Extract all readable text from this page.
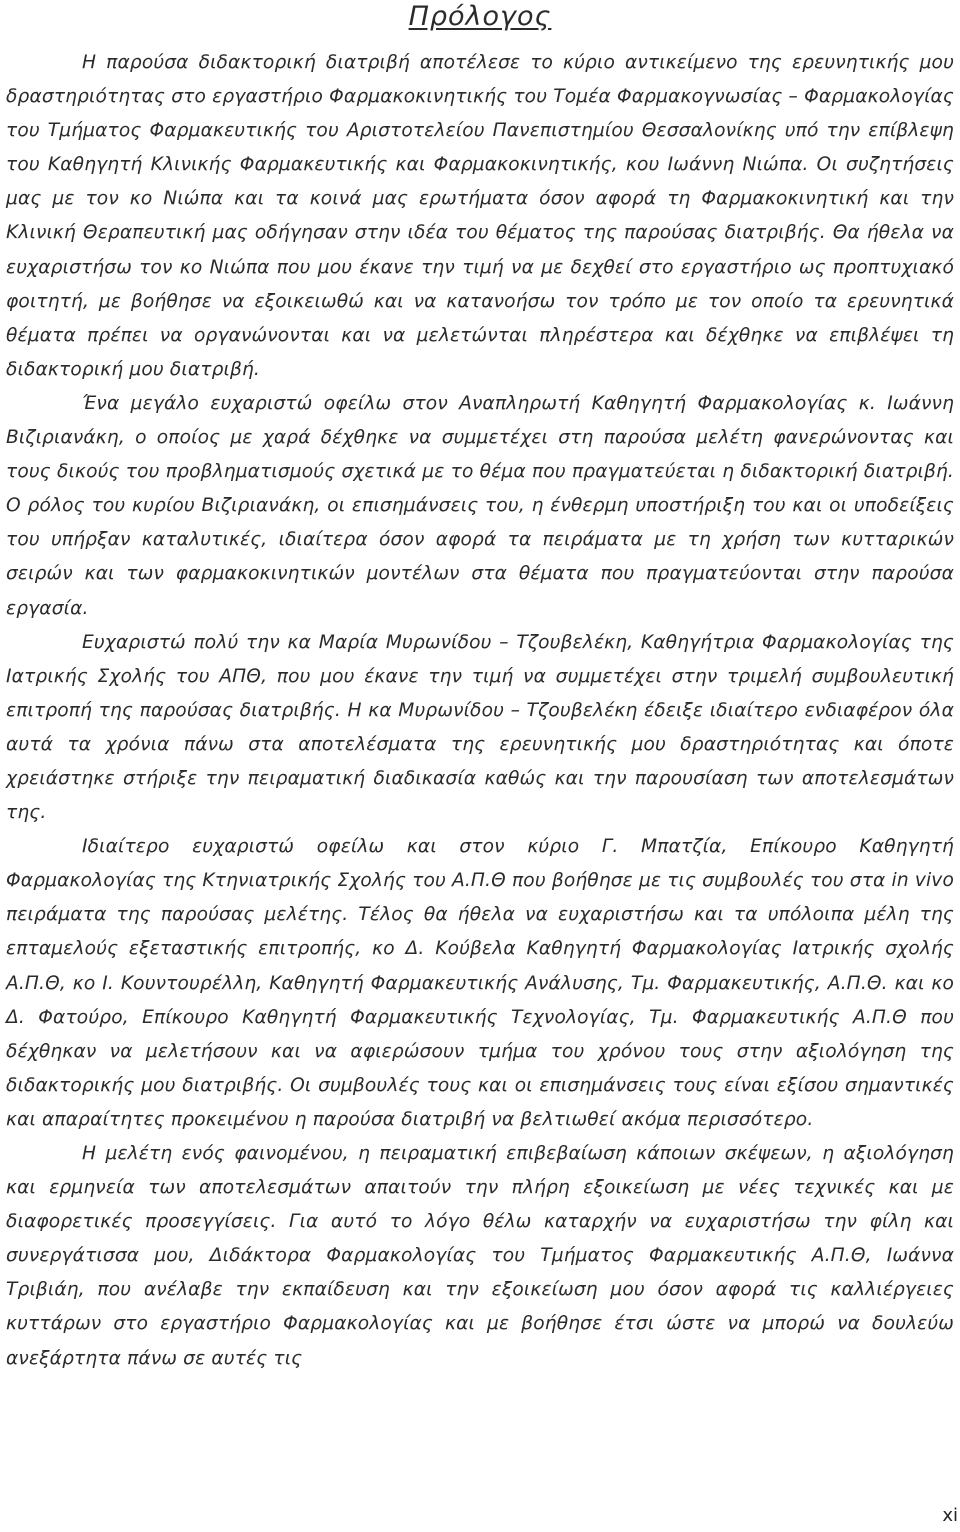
Πρόλογος

Η παρούσα διδακτορική διατριβή αποτέλεσε το κύριο αντικείμενο της ερευνητικής μου δραστηριότητας στο εργαστήριο Φαρμακοκινητικής του Τομέα Φαρμακογνωσίας – Φαρμακολογίας του Τμήματος Φαρμακευτικής του Αριστοτελείου Πανεπιστημίου Θεσσαλονίκης υπό την επίβλεψη του Καθηγητή Κλινικής Φαρμακευτικής και Φαρμακοκινητικής, κου Ιωάννη Νιώπα. Οι συζητήσεις μας με τον κο Νιώπα και τα κοινά μας ερωτήματα όσον αφορά τη Φαρμακοκινητική και την Κλινική Θεραπευτική μας οδήγησαν στην ιδέα του θέματος της παρούσας διατριβής. Θα ήθελα να ευχαριστήσω τον κο Νιώπα που μου έκανε την τιμή να με δεχθεί στο εργαστήριο ως προπτυχιακό φοιτητή, με βοήθησε να εξοικειωθώ και να κατανοήσω τον τρόπο με τον οποίο τα ερευνητικά θέματα πρέπει να οργανώνονται και να μελετώνται πληρέστερα και δέχθηκε να επιβλέψει τη διδακτορική μου διατριβή.

Ένα μεγάλο ευχαριστώ οφείλω στον Αναπληρωτή Καθηγητή Φαρμακολογίας κ. Ιωάννη Βιζιριανάκη, ο οποίος με χαρά δέχθηκε να συμμετέχει στη παρούσα μελέτη φανερώνοντας και τους δικούς του προβληματισμούς σχετικά με το θέμα που πραγματεύεται η διδακτορική διατριβή. Ο ρόλος του κυρίου Βιζιριανάκη, οι επισημάνσεις του, η ένθερμη υποστήριξη του και οι υποδείξεις του υπήρξαν καταλυτικές, ιδιαίτερα όσον αφορά τα πειράματα με τη χρήση των κυτταρικών σειρών και των φαρμακοκινητικών μοντέλων στα θέματα που πραγματεύονται στην παρούσα εργασία.

Ευχαριστώ πολύ την κα Μαρία Μυρωνίδου – Τζουβελέκη, Καθηγήτρια Φαρμακολογίας της Ιατρικής Σχολής του ΑΠΘ, που μου έκανε την τιμή να συμμετέχει στην τριμελή συμβουλευτική επιτροπή της παρούσας διατριβής. Η κα Μυρωνίδου – Τζουβελέκη έδειξε ιδιαίτερο ενδιαφέρον όλα αυτά τα χρόνια πάνω στα αποτελέσματα της ερευνητικής μου δραστηριότητας και όποτε χρειάστηκε στήριξε την πειραματική διαδικασία καθώς και την παρουσίαση των αποτελεσμάτων της.

Ιδιαίτερο ευχαριστώ οφείλω και στον κύριο Γ. Μπατζία, Επίκουρο Καθηγητή Φαρμακολογίας της Κτηνιατρικής Σχολής του Α.Π.Θ που βοήθησε με τις συμβουλές του στα in vivo πειράματα της παρούσας μελέτης. Τέλος θα ήθελα να ευχαριστήσω και τα υπόλοιπα μέλη της επταμελούς εξεταστικής επιτροπής, κο Δ. Κούβελα Καθηγητή Φαρμακολογίας Ιατρικής σχολής Α.Π.Θ, κο Ι. Κουντουρέλλη, Καθηγητή Φαρμακευτικής Ανάλυσης, Τμ. Φαρμακευτικής, Α.Π.Θ. και κο Δ. Φατούρο, Επίκουρο Καθηγητή Φαρμακευτικής Τεχνολογίας, Τμ. Φαρμακευτικής Α.Π.Θ που δέχθηκαν να μελετήσουν και να αφιερώσουν τμήμα του χρόνου τους στην αξιολόγηση της διδακτορικής μου διατριβής. Οι συμβουλές τους και οι επισημάνσεις τους είναι εξίσου σημαντικές και απαραίτητες προκειμένου η παρούσα διατριβή να βελτιωθεί ακόμα περισσότερο.

Η μελέτη ενός φαινομένου, η πειραματική επιβεβαίωση κάποιων σκέψεων, η αξιολόγηση και ερμηνεία των αποτελεσμάτων απαιτούν την πλήρη εξοικείωση με νέες τεχνικές και με διαφορετικές προσεγγίσεις. Για αυτό το λόγο θέλω καταρχήν να ευχαριστήσω την φίλη και συνεργάτισσα μου, Διδάκτορα Φαρμακολογίας του Τμήματος Φαρμακευτικής Α.Π.Θ, Ιωάννα Τριβιάη, που ανέλαβε την εκπαίδευση και την εξοικείωση μου όσον αφορά τις καλλιέργειες κυττάρων στο εργαστήριο Φαρμακολογίας και με βοήθησε έτσι ώστε να μπορώ να δουλεύω ανεξάρτητα πάνω σε αυτές τις

xi
